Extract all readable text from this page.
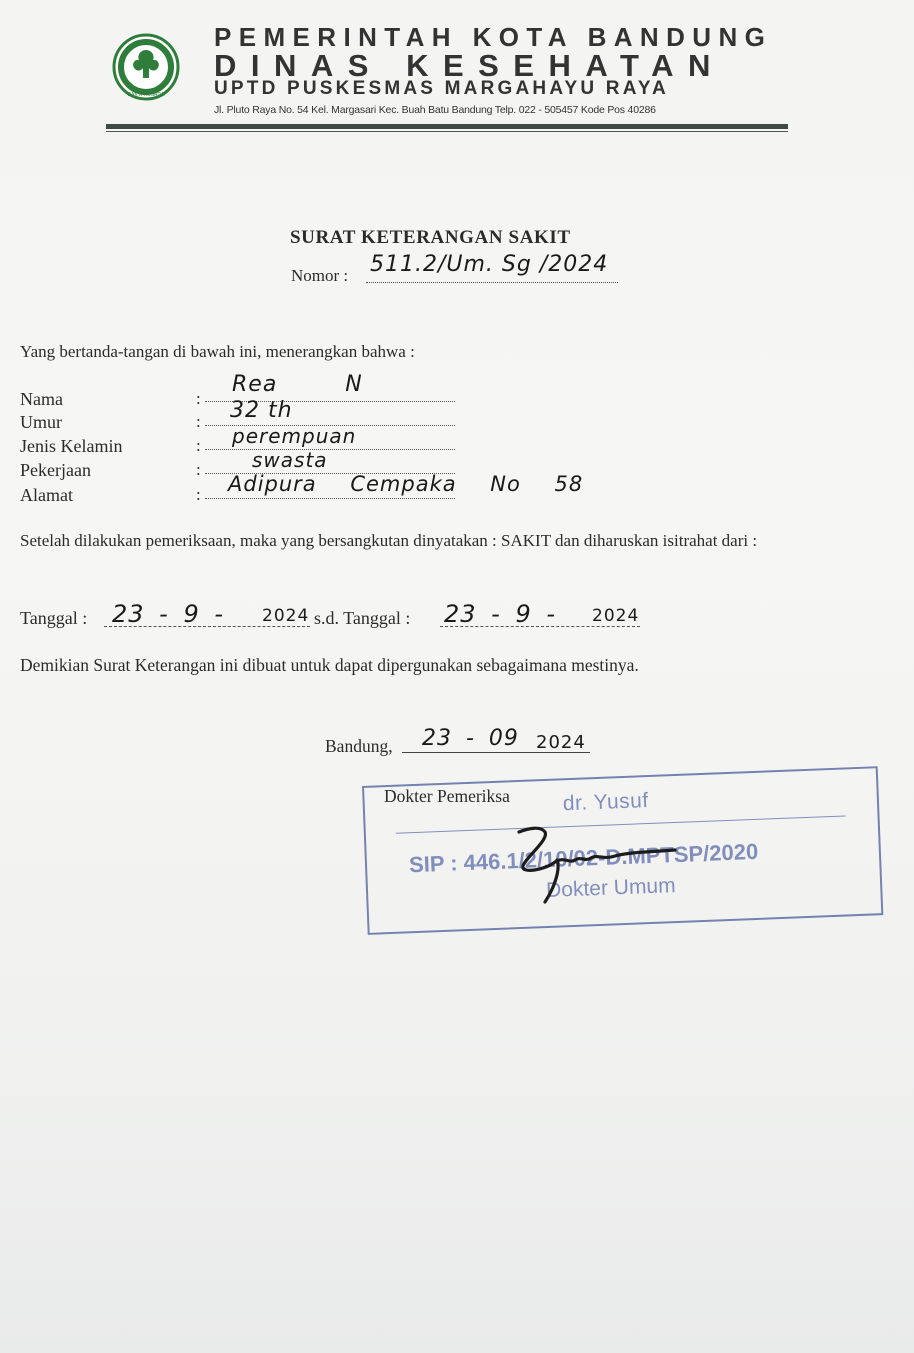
BAKTI HUSADA
PEMERINTAH KOTA BANDUNG
DINAS KESEHATAN
UPTD PUSKESMAS MARGAHAYU RAYA
Jl. Pluto Raya No. 54 Kel. Margasari Kec. Buah Batu Bandung Telp. 022 - 505457 Kode Pos 40286
SURAT KETERANGAN SAKIT
Nomor : 511.2/Um. Sg /2024
Yang bertanda-tangan di bawah ini, menerangkan bahwa :
Nama	:
Rea N
Umur	: 32 th
Jenis Kelamin	: perempuan
Pekerjaan	:	swasta
Alamat	: Adipura Cempaka No 58
Setelah dilakukan pemeriksaan, maka yang bersangkutan dinyatakan : SAKIT dan diharuskan isitrahat dari :
Tanggal : 23 - 9 - 2024 s.d. Tanggal : 23 - 9 - 2024
Demikian Surat Keterangan ini dibuat untuk dapat dipergunakan sebagaimana mestinya.
Bandung, 23 - 09 2024
Dokter Pemeriksa	dr. Yusuf
SIP : 446.1/2/10/02-D.MPTSP/2020
Dokter Umum
